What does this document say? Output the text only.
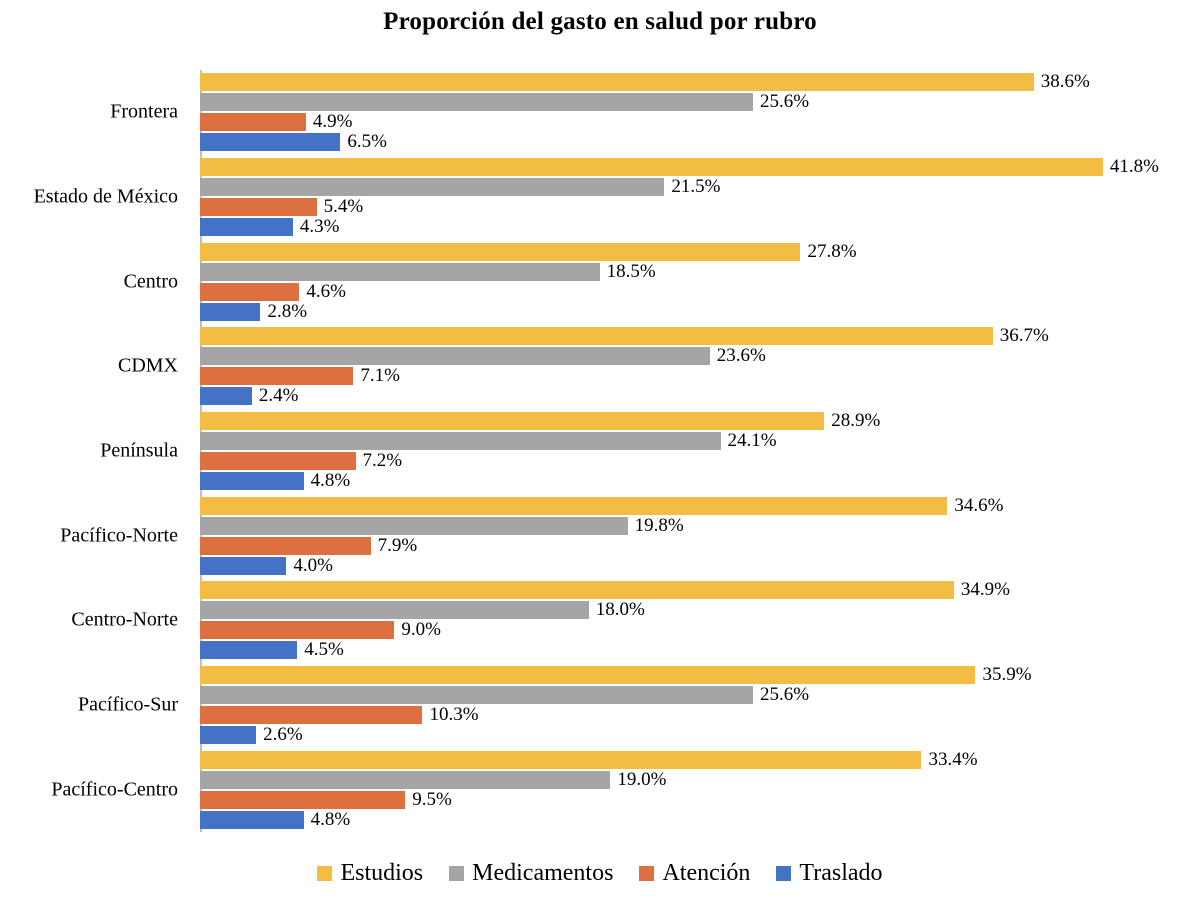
Proporción del gasto en salud por rubro
Frontera
Estado de México
Centro
CDMX
Península
Pacífico-Norte
Centro-Norte
Pacífico-Sur
Pacífico-Centro
38.6%
25.6%
4.9%
6.5%
41.8%
21.5%
5.4%
4.3%
27.8%
18.5%
4.6%
2.8%
36.7%
23.6%
7.1%
2.4%
28.9%
24.1%
7.2%
4.8%
34.6%
19.8%
7.9%
4.0%
34.9%
18.0%
9.0%
4.5%
35.9%
25.6%
10.3%
2.6%
33.4%
19.0%
9.5%
4.8%
Estudios Medicamentos Atención Traslado
